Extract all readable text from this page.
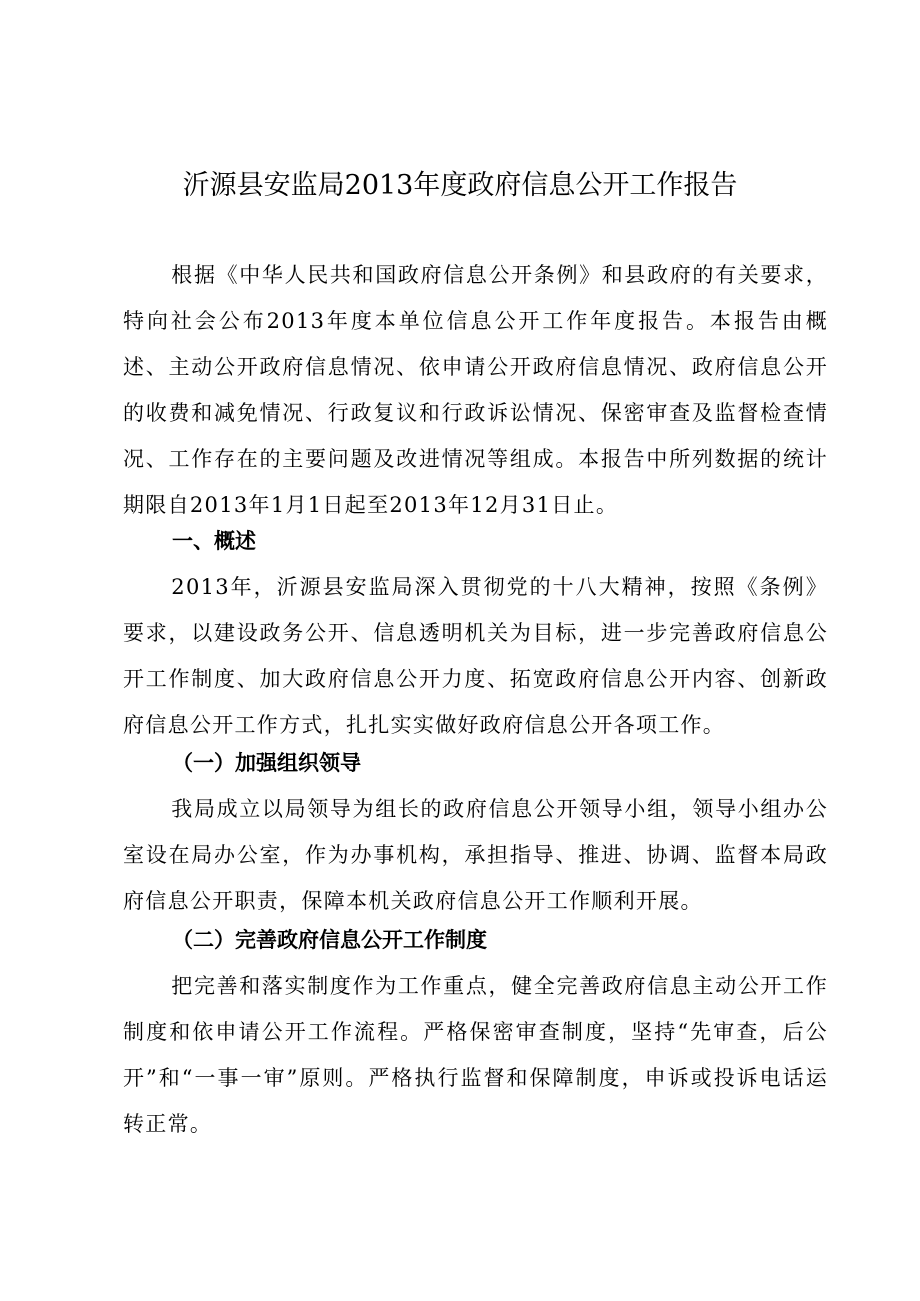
沂源县安监局2013年度政府信息公开工作报告

根据《中华人民共和国政府信息公开条例》和县政府的有关要求，特向社会公布2013年度本单位信息公开工作年度报告。本报告由概述、主动公开政府信息情况、依申请公开政府信息情况、政府信息公开的收费和减免情况、行政复议和行政诉讼情况、保密审查及监督检查情况、工作存在的主要问题及改进情况等组成。本报告中所列数据的统计期限自2013年1月1日起至2013年12月31日止。

一、概述

2013年，沂源县安监局深入贯彻党的十八大精神，按照《条例》要求，以建设政务公开、信息透明机关为目标，进一步完善政府信息公开工作制度、加大政府信息公开力度、拓宽政府信息公开内容、创新政府信息公开工作方式，扎扎实实做好政府信息公开各项工作。

（一）加强组织领导

我局成立以局领导为组长的政府信息公开领导小组，领导小组办公室设在局办公室，作为办事机构，承担指导、推进、协调、监督本局政府信息公开职责，保障本机关政府信息公开工作顺利开展。

（二）完善政府信息公开工作制度

把完善和落实制度作为工作重点，健全完善政府信息主动公开工作制度和依申请公开工作流程。严格保密审查制度，坚持“先审查，后公开”和“一事一审”原则。严格执行监督和保障制度，申诉或投诉电话运转正常。
